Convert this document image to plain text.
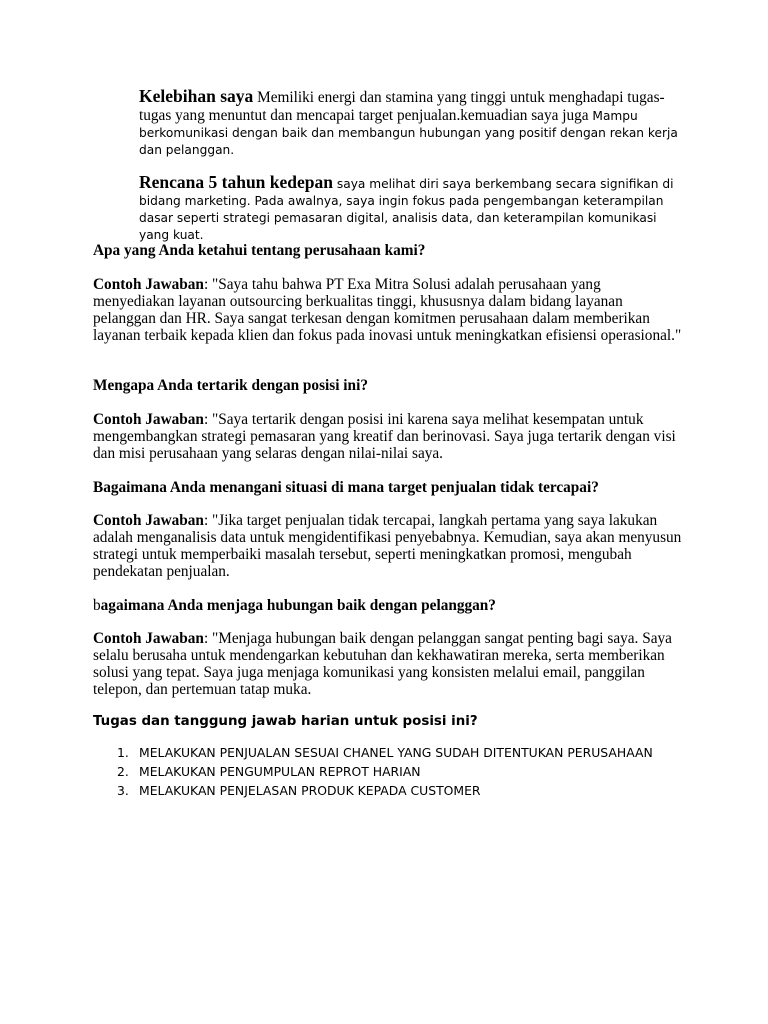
Kelebihan saya Memiliki energi dan stamina yang tinggi untuk menghadapi tugas-tugas yang menuntut dan mencapai target penjualan.kemuadian saya juga Mampu berkomunikasi dengan baik dan membangun hubungan yang positif dengan rekan kerja dan pelanggan.
Rencana 5 tahun kedepan saya melihat diri saya berkembang secara signifikan di bidang marketing. Pada awalnya, saya ingin fokus pada pengembangan keterampilan dasar seperti strategi pemasaran digital, analisis data, dan keterampilan komunikasi yang kuat.
Apa yang Anda ketahui tentang perusahaan kami?
Contoh Jawaban: "Saya tahu bahwa PT Exa Mitra Solusi adalah perusahaan yang menyediakan layanan outsourcing berkualitas tinggi, khususnya dalam bidang layanan pelanggan dan HR. Saya sangat terkesan dengan komitmen perusahaan dalam memberikan layanan terbaik kepada klien dan fokus pada inovasi untuk meningkatkan efisiensi operasional."
Mengapa Anda tertarik dengan posisi ini?
Contoh Jawaban: "Saya tertarik dengan posisi ini karena saya melihat kesempatan untuk mengembangkan strategi pemasaran yang kreatif dan berinovasi. Saya juga tertarik dengan visi dan misi perusahaan yang selaras dengan nilai-nilai saya.
Bagaimana Anda menangani situasi di mana target penjualan tidak tercapai?
Contoh Jawaban: "Jika target penjualan tidak tercapai, langkah pertama yang saya lakukan adalah menganalisis data untuk mengidentifikasi penyebabnya. Kemudian, saya akan menyusun strategi untuk memperbaiki masalah tersebut, seperti meningkatkan promosi, mengubah pendekatan penjualan.
bagaimana Anda menjaga hubungan baik dengan pelanggan?
Contoh Jawaban: "Menjaga hubungan baik dengan pelanggan sangat penting bagi saya. Saya selalu berusaha untuk mendengarkan kebutuhan dan kekhawatiran mereka, serta memberikan solusi yang tepat. Saya juga menjaga komunikasi yang konsisten melalui email, panggilan telepon, dan pertemuan tatap muka.
Tugas dan tanggung jawab harian untuk posisi ini?
1. MELAKUKAN PENJUALAN SESUAI CHANEL YANG SUDAH DITENTUKAN PERUSAHAAN
2. MELAKUKAN PENGUMPULAN REPROT HARIAN
3. MELAKUKAN PENJELASAN PRODUK KEPADA CUSTOMER
